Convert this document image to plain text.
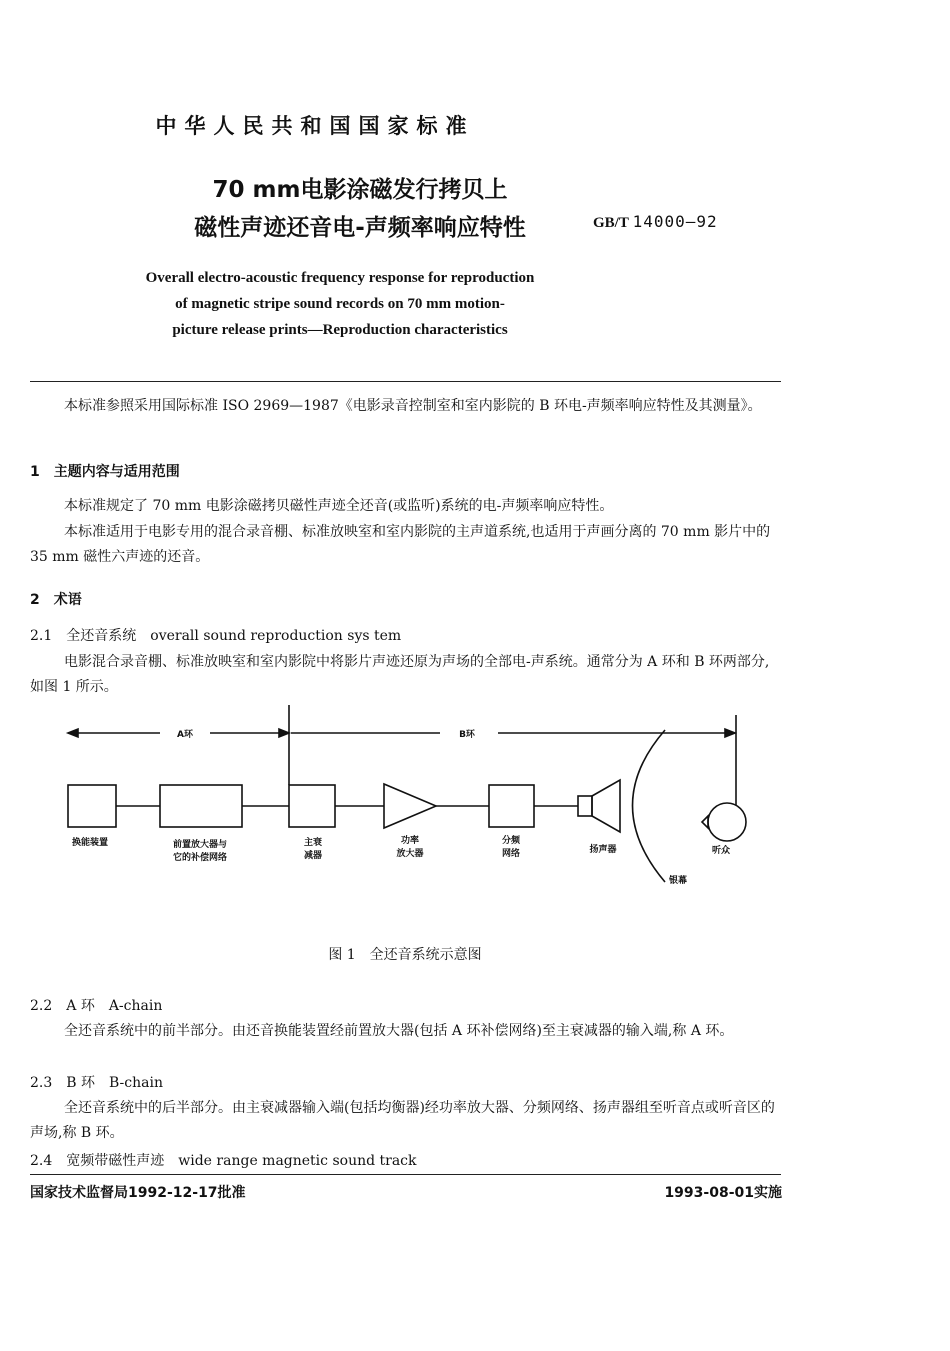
中华人民共和国国家标准
70 mm电影涂磁发行拷贝上
磁性声迹还音电-声频率响应特性	GB/T 14000—92
Overall electro-acoustic frequency response for reproduction
of magnetic stripe sound records on 70 mm motion-
picture release prints—Reproduction characteristics
本标准参照采用国际标准 ISO 2969—1987《电影录音控制室和室内影院的 B 环电-声频率响应特性及其测量》。
1　主题内容与适用范围
本标准规定了 70 mm 电影涂磁拷贝磁性声迹全还音(或监听)系统的电-声频率响应特性。
本标准适用于电影专用的混合录音棚、标准放映室和室内影院的主声道系统,也适用于声画分离的 70 mm 影片中的 35 mm 磁性六声迹的还音。
2　术语
2.1　全还音系统　overall sound reproduction sys tem
电影混合录音棚、标准放映室和室内影院中将影片声迹还原为声场的全部电-声系统。通常分为 A 环和 B 环两部分,如图 1 所示。
A环	B环
换能装置	前置放大器与
它的补偿网络
主衰
减器
功率
放大器
分频
网络	扬声器
银幕
听众
图 1　全还音系统示意图
2.2　A 环　A-chain
全还音系统中的前半部分。由还音换能装置经前置放大器(包括 A 环补偿网络)至主衰减器的输入端,称 A 环。
2.3　B 环　B-chain
全还音系统中的后半部分。由主衰减器输入端(包括均衡器)经功率放大器、分频网络、扬声器组至听音点或听音区的声场,称 B 环。
2.4　宽频带磁性声迹　wide range magnetic sound track
国家技术监督局1992-12-17批准	1993-08-01实施
